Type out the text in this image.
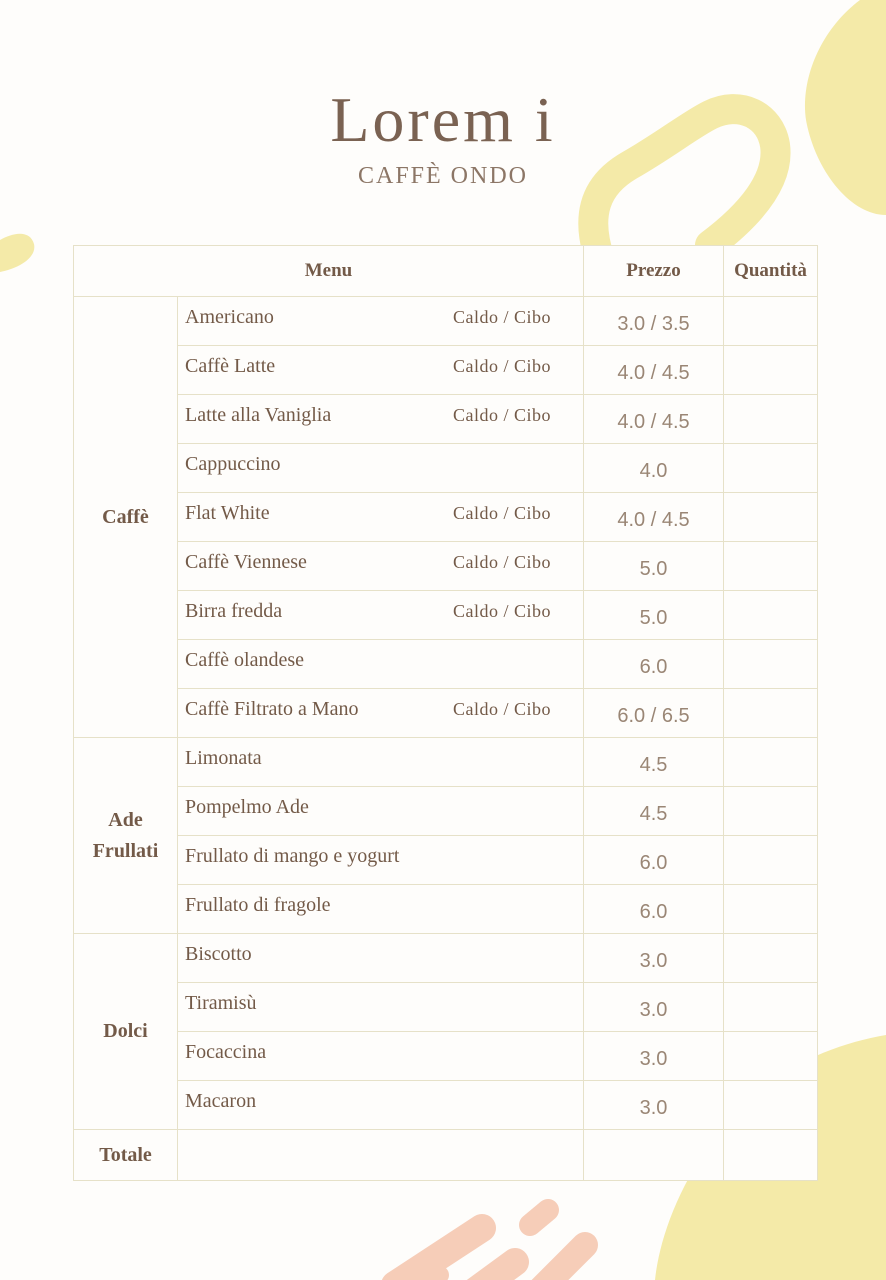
Lorem i
CAFFÈ ONDO
Menu		Prezzo	Quantità
Caffè	Americano Caldo / Cibo	3.0 / 3.5	

	Caffè Latte Caldo / Cibo	4.0 / 4.5	

	Latte alla Vaniglia Caldo / Cibo	4.0 / 4.5	

	Cappuccino	4.0	

	Flat White Caldo / Cibo	4.0 / 4.5	

	Caffè Viennese Caldo / Cibo	5.0	

	Birra fredda Caldo / Cibo	5.0	

	Caffè olandese	6.0	

	Caffè Filtrato a Mano Caldo / Cibo	6.0 / 6.5	
Ade Frullati	Limonata	4.5	

	Pompelmo Ade	4.5	

	Frullato di mango e yogurt	6.0	

	Frullato di fragole	6.0	
Dolci	Biscotto	3.0	

	Tiramisù	3.0	

	Focaccina	3.0	

	Macaron	3.0	
Totale			
